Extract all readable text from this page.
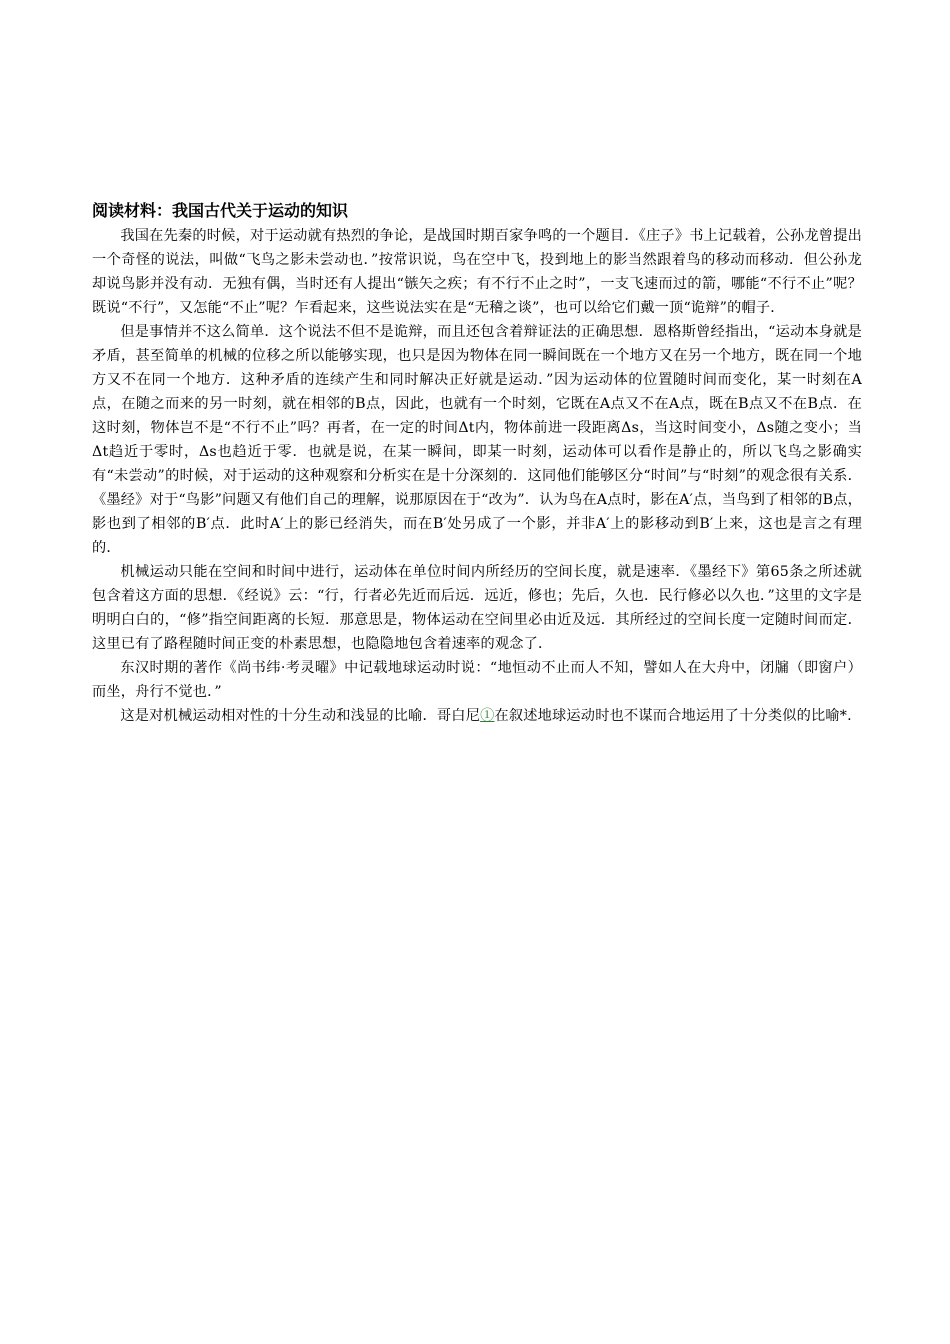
阅读材料：我国古代关于运动的知识

我国在先秦的时候，对于运动就有热烈的争论，是战国时期百家争鸣的一个题目．《庄子》书上记载着，公孙龙曾提出一个奇怪的说法，叫做“飞鸟之影未尝动也．”按常识说，鸟在空中飞，投到地上的影当然跟着鸟的移动而移动．但公孙龙却说鸟影并没有动．无独有偶，当时还有人提出“镞矢之疾；有不行不止之时”，一支飞速而过的箭，哪能“不行不止”呢？既说“不行”，又怎能“不止”呢？乍看起来，这些说法实在是“无稽之谈”，也可以给它们戴一顶“诡辩”的帽子．

但是事情并不这么简单．这个说法不但不是诡辩，而且还包含着辩证法的正确思想．恩格斯曾经指出，“运动本身就是矛盾，甚至简单的机械的位移之所以能够实现，也只是因为物体在同一瞬间既在一个地方又在另一个地方，既在同一个地方又不在同一个地方．这种矛盾的连续产生和同时解决正好就是运动．”因为运动体的位置随时间而变化，某一时刻在A点，在随之而来的另一时刻，就在相邻的B点，因此，也就有一个时刻，它既在A点又不在A点，既在B点又不在B点．在这时刻，物体岂不是“不行不止”吗？再者，在一定的时间Δt内，物体前进一段距离Δs，当这时间变小，Δs随之变小；当Δt趋近于零时，Δs也趋近于零．也就是说，在某一瞬间，即某一时刻，运动体可以看作是静止的，所以飞鸟之影确实有“未尝动”的时候，对于运动的这种观察和分析实在是十分深刻的．这同他们能够区分“时间”与“时刻”的观念很有关系．《墨经》对于“鸟影”问题又有他们自己的理解，说那原因在于“改为”．认为鸟在A点时，影在A′点，当鸟到了相邻的B点，影也到了相邻的B′点．此时A′上的影已经消失，而在B′处另成了一个影，并非A′上的影移动到B′上来，这也是言之有理的．

机械运动只能在空间和时间中进行，运动体在单位时间内所经历的空间长度，就是速率．《墨经下》第65条之所述就包含着这方面的思想．《经说》云：“行，行者必先近而后远．远近，修也；先后，久也．民行修必以久也．”这里的文字是明明白白的，“修”指空间距离的长短．那意思是，物体运动在空间里必由近及远．其所经过的空间长度一定随时间而定．这里已有了路程随时间正变的朴素思想，也隐隐地包含着速率的观念了．

东汉时期的著作《尚书纬·考灵曜》中记载地球运动时说：“地恒动不止而人不知，譬如人在大舟中，闭牖（即窗户）而坐，舟行不觉也．”

这是对机械运动相对性的十分生动和浅显的比喻．哥白尼①在叙述地球运动时也不谋而合地运用了十分类似的比喻*.
